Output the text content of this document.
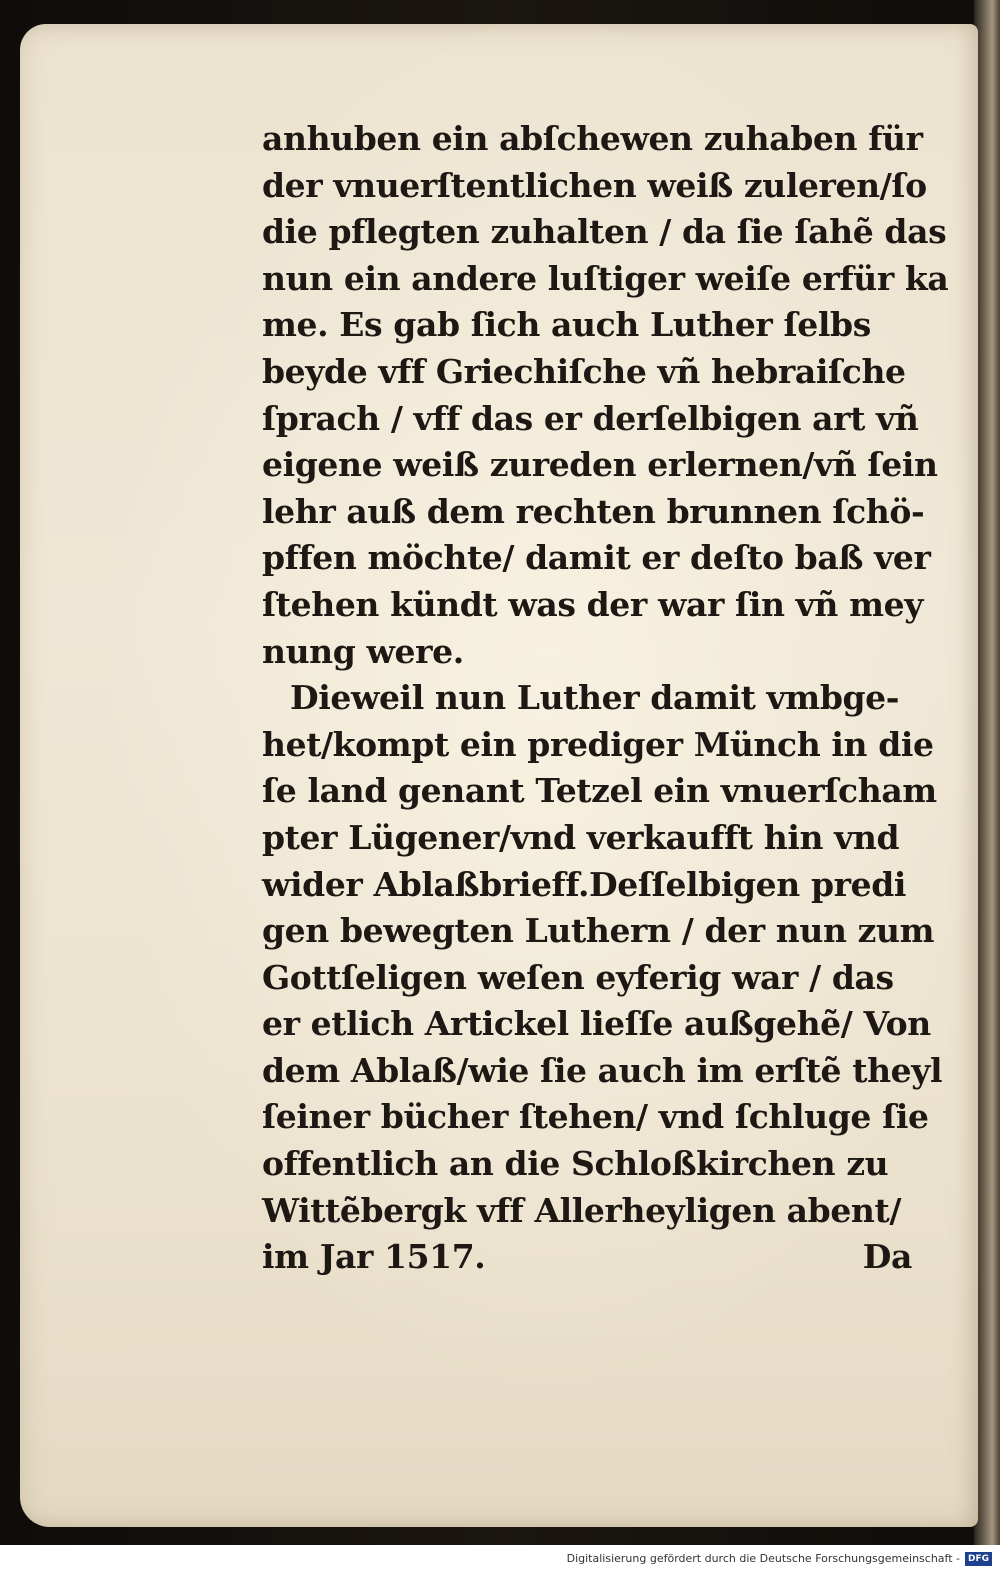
anhuben ein abſchewen zuhaben für
der vnuerſtentlichen weiß zuleren/ſo
die pflegten zuhalten / da ſie ſahẽ das
nun ein andere luſtiger weiſe erfür ka
me. Es gab ſich auch Luther ſelbs
beyde vff Griechiſche vñ hebraiſche
ſprach / vff das er derſelbigen art vñ
eigene weiß zureden erlernen/vñ ſein
lehr auß dem rechten brunnen ſchö-
pffen möchte/ damit er deſto baß ver
ſtehen kündt was der war ſin vñ mey
nung were.
Dieweil nun Luther damit vmbge-
het/kompt ein prediger Münch in die
ſe land genant Tetzel ein vnuerſcham
pter Lügener/vnd verkaufft hin vnd
wider Ablaßbrieff.Deſſelbigen predi
gen bewegten Luthern / der nun zum
Gottſeligen weſen eyferig war / das
er etlich Artickel lieſſe außgehẽ/ Von
dem Ablaß/wie ſie auch im erſtẽ theyl
ſeiner bücher ſtehen/ vnd ſchluge ſie
offentlich an die Schloßkirchen zu
Wittẽbergk vff Allerheyligen abent/
im Jar 1517.	Da
Digitalisierung gefördert durch die Deutsche Forschungsgemeinschaft - DFG
